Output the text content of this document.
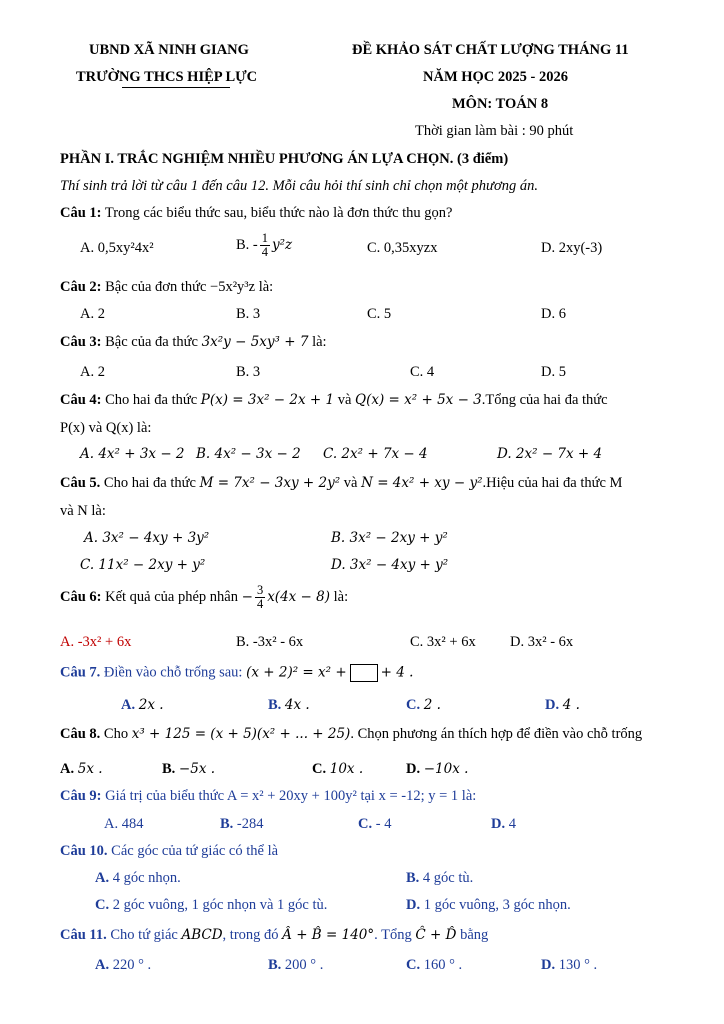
UBND XÃ NINH GIANG
TRƯỜNG THCS HIỆP LỰC
ĐỀ KHẢO SÁT CHẤT LƯỢNG THÁNG 11
NĂM HỌC 2025 - 2026
MÔN: TOÁN 8
Thời gian làm bài : 90 phút
PHẦN I. TRẮC NGHIỆM NHIỀU PHƯƠNG ÁN LỰA CHỌN. (3 điểm)
Thí sinh trả lời từ câu 1 đến câu 12. Mỗi câu hỏi thí sinh chỉ chọn một phương án.
Câu 1: Trong các biểu thức sau, biểu thức nào là đơn thức thu gọn?
A. 0,5xy²4x²	B. - $\frac{1}{4} y^2z$	C. 0,35xyzx	D. 2xy(-3)
Câu 2: Bậc của đơn thức −5x²y³z là:
A. 2	B. 3	C. 5	D. 6
Câu 3: Bậc của đa thức 3x²y − 5xy³ + 7 là:
A. 2	B. 3	C. 4	D. 5
Câu 4: Cho hai đa thức P(x) = 3x² − 2x + 1 và Q(x) = x² + 5x − 3.Tổng của hai đa thức
P(x) và Q(x) là:
A. 4x² + 3x − 2 B. 4x² − 3x − 2 C. 2x² + 7x − 4	D. 2x² − 7x + 4
Câu 5. Cho hai đa thức M = 7x² − 3xy + 2y² và N = 4x² + xy − y².Hiệu của hai đa thức M
và N là:
A. 3x² − 4xy + 3y²	B. 3x² − 2xy + y²
C. 11x² − 2xy + y²	D. 3x² − 4xy + y²
Câu 6: Kết quả của phép nhân − $\frac{3}{4} x(4x - 8)$ là:
A. -3x² + 6x	B. -3x² - 6x	C. 3x² + 6x D. 3x² - 6x
Câu 7. Điền vào chỗ trống sau: (x + 2)² = x² +	+ 4 .
A. 2x .	B. 4x .	C. 2 .	D. 4 .
Câu 8. Cho x³ + 125 = (x + 5)(x² + ... + 25). Chọn phương án thích hợp để điền vào chỗ trống
A. 5x .	B. −5x .	C. 10x .	D. −10x .
Câu 9: Giá trị của biểu thức A = x² + 20xy + 100y² tại x = -12; y = 1 là:
A. 484	B. -284	C. - 4	D. 4
Câu 10. Các góc của tứ giác có thể là
A. 4 góc nhọn.	B. 4 góc tù.
C. 2 góc vuông, 1 góc nhọn và 1 góc tù.	D. 1 góc vuông, 3 góc nhọn.
Câu 11. Cho tứ giác ABCD, trong đó Â + B̂ = 140°. Tổng Ĉ + D̂ bằng
A. 220 ° .	B. 200 ° .	C. 160 ° .	D. 130 ° .
